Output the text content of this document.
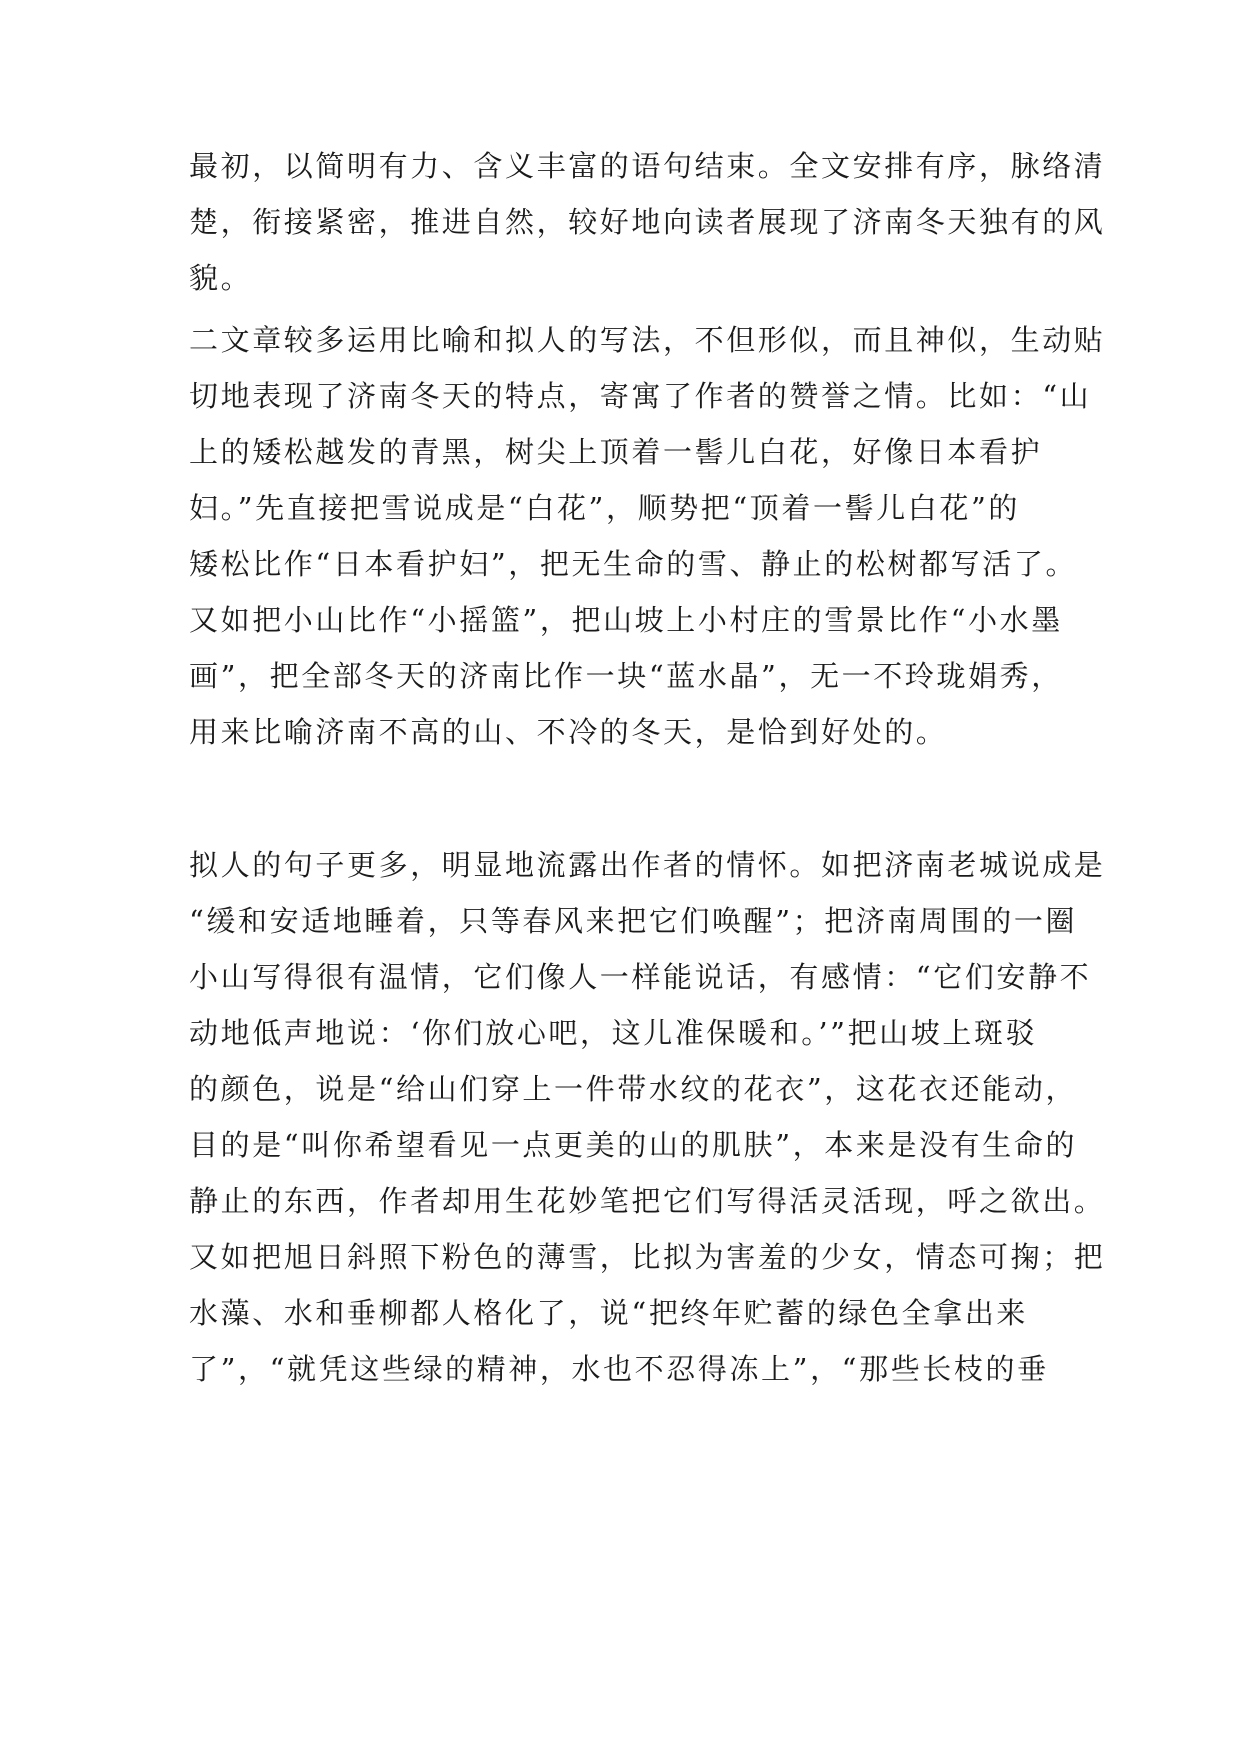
最初，以简明有力、含义丰富的语句结束。全文安排有序，脉络清
楚，衔接紧密，推进自然，较好地向读者展现了济南冬天独有的风
貌。
二文章较多运用比喻和拟人的写法，不但形似，而且神似，生动贴
切地表现了济南冬天的特点，寄寓了作者的赞誉之情。比如：“山
上的矮松越发的青黑，树尖上顶着一髻儿白花，好像日本看护
妇。”先直接把雪说成是“白花”，顺势把“顶着一髻儿白花”的
矮松比作“日本看护妇”，把无生命的雪、静止的松树都写活了。
又如把小山比作“小摇篮”，把山坡上小村庄的雪景比作“小水墨
画”，把全部冬天的济南比作一块“蓝水晶”，无一不玲珑娟秀，
用来比喻济南不高的山、不冷的冬天，是恰到好处的。
拟人的句子更多，明显地流露出作者的情怀。如把济南老城说成是
“缓和安适地睡着，只等春风来把它们唤醒”；把济南周围的一圈
小山写得很有温情，它们像人一样能说话，有感情：“它们安静不
动地低声地说：‘你们放心吧，这儿准保暖和。’”把山坡上斑驳
的颜色，说是“给山们穿上一件带水纹的花衣”，这花衣还能动，
目的是“叫你希望看见一点更美的山的肌肤”，本来是没有生命的
静止的东西，作者却用生花妙笔把它们写得活灵活现，呼之欲出。
又如把旭日斜照下粉色的薄雪，比拟为害羞的少女，情态可掬；把
水藻、水和垂柳都人格化了，说“把终年贮蓄的绿色全拿出来
了”，“就凭这些绿的精神，水也不忍得冻上”，“那些长枝的垂
